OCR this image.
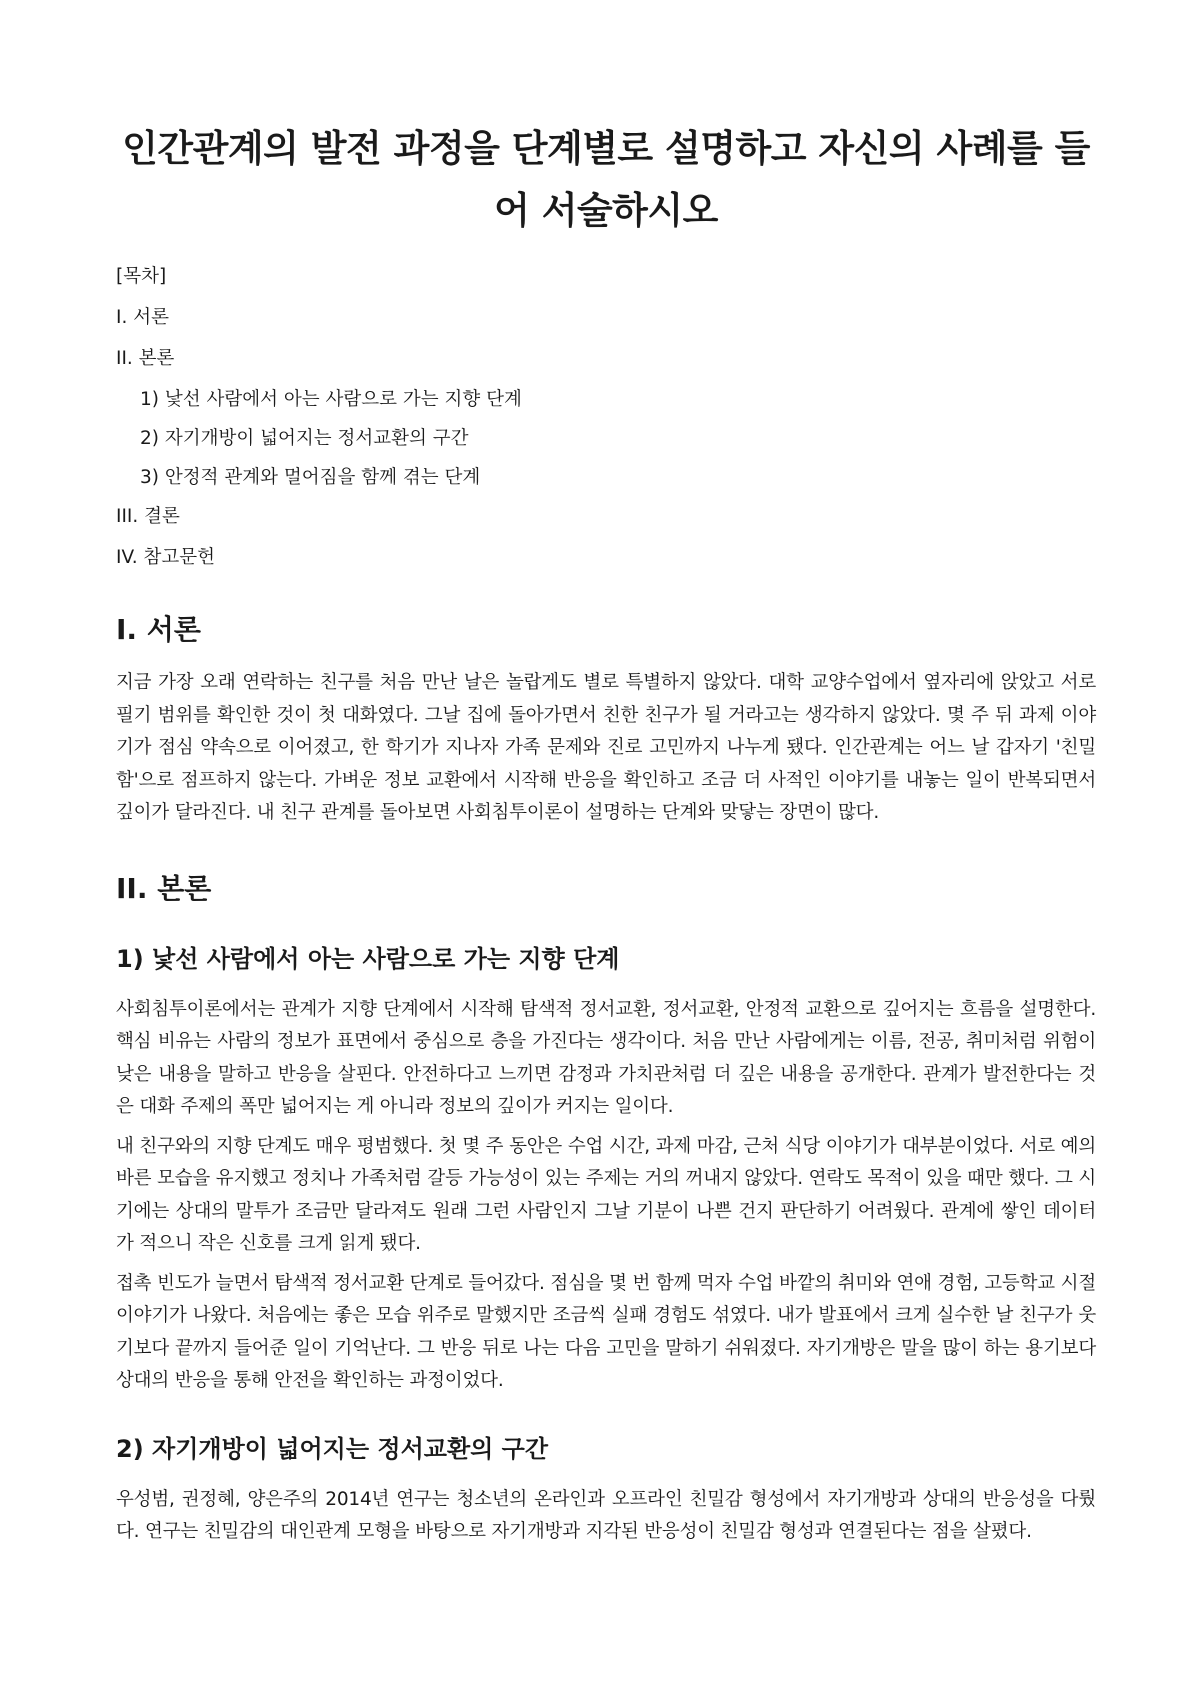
인간관계의 발전 과정을 단계별로 설명하고 자신의 사례를 들어 서술하시오
[목차]
I. 서론
II. 본론
1) 낯선 사람에서 아는 사람으로 가는 지향 단계
2) 자기개방이 넓어지는 정서교환의 구간
3) 안정적 관계와 멀어짐을 함께 겪는 단계
III. 결론
IV. 참고문헌
I. 서론

지금 가장 오래 연락하는 친구를 처음 만난 날은 놀랍게도 별로 특별하지 않았다. 대학 교양수업에서 옆자리에 앉았고 서로 필기 범위를 확인한 것이 첫 대화였다. 그날 집에 돌아가면서 친한 친구가 될 거라고는 생각하지 않았다. 몇 주 뒤 과제 이야기가 점심 약속으로 이어졌고, 한 학기가 지나자 가족 문제와 진로 고민까지 나누게 됐다. 인간관계는 어느 날 갑자기 '친밀함'으로 점프하지 않는다. 가벼운 정보 교환에서 시작해 반응을 확인하고 조금 더 사적인 이야기를 내놓는 일이 반복되면서 깊이가 달라진다. 내 친구 관계를 돌아보면 사회침투이론이 설명하는 단계와 맞닿는 장면이 많다.

II. 본론
1) 낯선 사람에서 아는 사람으로 가는 지향 단계

사회침투이론에서는 관계가 지향 단계에서 시작해 탐색적 정서교환, 정서교환, 안정적 교환으로 깊어지는 흐름을 설명한다. 핵심 비유는 사람의 정보가 표면에서 중심으로 층을 가진다는 생각이다. 처음 만난 사람에게는 이름, 전공, 취미처럼 위험이 낮은 내용을 말하고 반응을 살핀다. 안전하다고 느끼면 감정과 가치관처럼 더 깊은 내용을 공개한다. 관계가 발전한다는 것은 대화 주제의 폭만 넓어지는 게 아니라 정보의 깊이가 커지는 일이다.

내 친구와의 지향 단계도 매우 평범했다. 첫 몇 주 동안은 수업 시간, 과제 마감, 근처 식당 이야기가 대부분이었다. 서로 예의 바른 모습을 유지했고 정치나 가족처럼 갈등 가능성이 있는 주제는 거의 꺼내지 않았다. 연락도 목적이 있을 때만 했다. 그 시기에는 상대의 말투가 조금만 달라져도 원래 그런 사람인지 그날 기분이 나쁜 건지 판단하기 어려웠다. 관계에 쌓인 데이터가 적으니 작은 신호를 크게 읽게 됐다.

접촉 빈도가 늘면서 탐색적 정서교환 단계로 들어갔다. 점심을 몇 번 함께 먹자 수업 바깥의 취미와 연애 경험, 고등학교 시절 이야기가 나왔다. 처음에는 좋은 모습 위주로 말했지만 조금씩 실패 경험도 섞였다. 내가 발표에서 크게 실수한 날 친구가 웃기보다 끝까지 들어준 일이 기억난다. 그 반응 뒤로 나는 다음 고민을 말하기 쉬워졌다. 자기개방은 말을 많이 하는 용기보다 상대의 반응을 통해 안전을 확인하는 과정이었다.

2) 자기개방이 넓어지는 정서교환의 구간

우성범, 권정혜, 양은주의 2014년 연구는 청소년의 온라인과 오프라인 친밀감 형성에서 자기개방과 상대의 반응성을 다뤘다. 연구는 친밀감의 대인관계 모형을 바탕으로 자기개방과 지각된 반응성이 친밀감 형성과 연결된다는 점을 살폈다.
